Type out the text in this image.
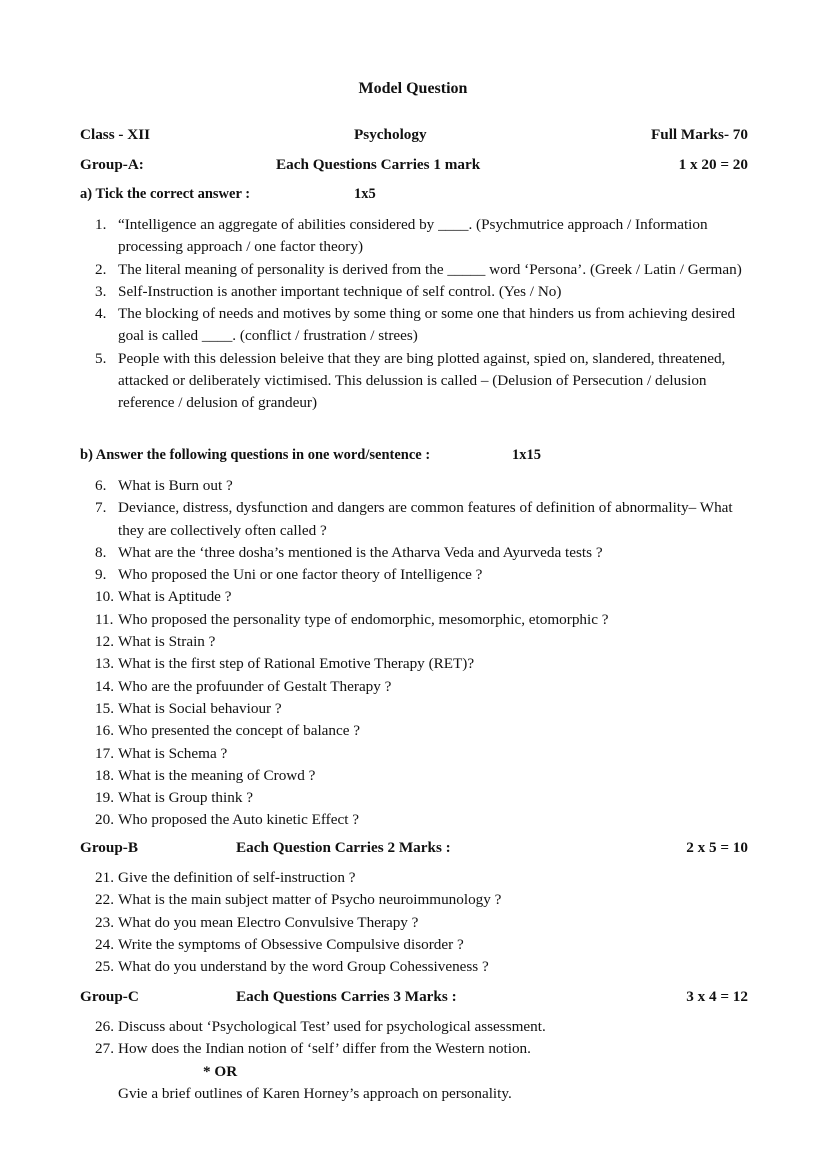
Model Question
Class - XII	Psychology	Full Marks- 70
Group-A:	Each Questions Carries 1 mark	1 x 20 = 20
a) Tick the correct answer :	1x5
1. “Intelligence an aggregate of abilities considered by ____. (Psychmutrice approach / Information processing approach / one factor theory)
2. The literal meaning of personality is derived from the _____ word ‘Persona’. (Greek / Latin / German)
3. Self-Instruction is another important technique of self control. (Yes / No)
4. The blocking of needs and motives by some thing or some one that hinders us from achieving desired goal is called ____. (conflict / frustration / strees)
5. People with this delession beleive that they are bing plotted against, spied on, slandered, threatened, attacked or deliberately victimised. This delussion is called – (Delusion of Persecution / delusion reference / delusion of grandeur)
b) Answer the following questions in one word/sentence :	1x15
6. What is Burn out ?
7. Deviance, distress, dysfunction and dangers are common features of definition of abnormality– What they are collectively often called ?
8. What are the ‘three dosha’s mentioned is the Atharva Veda and Ayurveda tests ?
9. Who proposed the Uni or one factor theory of Intelligence ?
10. What is Aptitude ?
11. Who proposed the personality type of endomorphic, mesomorphic, etomorphic ?
12. What is Strain ?
13. What is the first step of Rational Emotive Therapy (RET)?
14. Who are the profuunder of Gestalt Therapy ?
15. What is Social behaviour ?
16. Who presented the concept of balance ?
17. What is Schema ?
18. What is the meaning of Crowd ?
19. What is Group think ?
20. Who proposed the Auto kinetic Effect ?
Group-B	Each Question Carries 2 Marks :	2 x 5 = 10
21. Give the definition of self-instruction ?
22. What is the main subject matter of Psycho neuroimmunology ?
23. What do you mean Electro Convulsive Therapy ?
24. Write the symptoms of Obsessive Compulsive disorder ?
25. What do you understand by the word Group Cohessiveness ?
Group-C	Each Questions Carries 3 Marks :	3 x 4 = 12
26. Discuss about ‘Psychological Test’ used for psychological assessment.
27. How does the Indian notion of ‘self’ differ from the Western notion.
* OR
Gvie a brief outlines of Karen Horney’s approach on personality.
